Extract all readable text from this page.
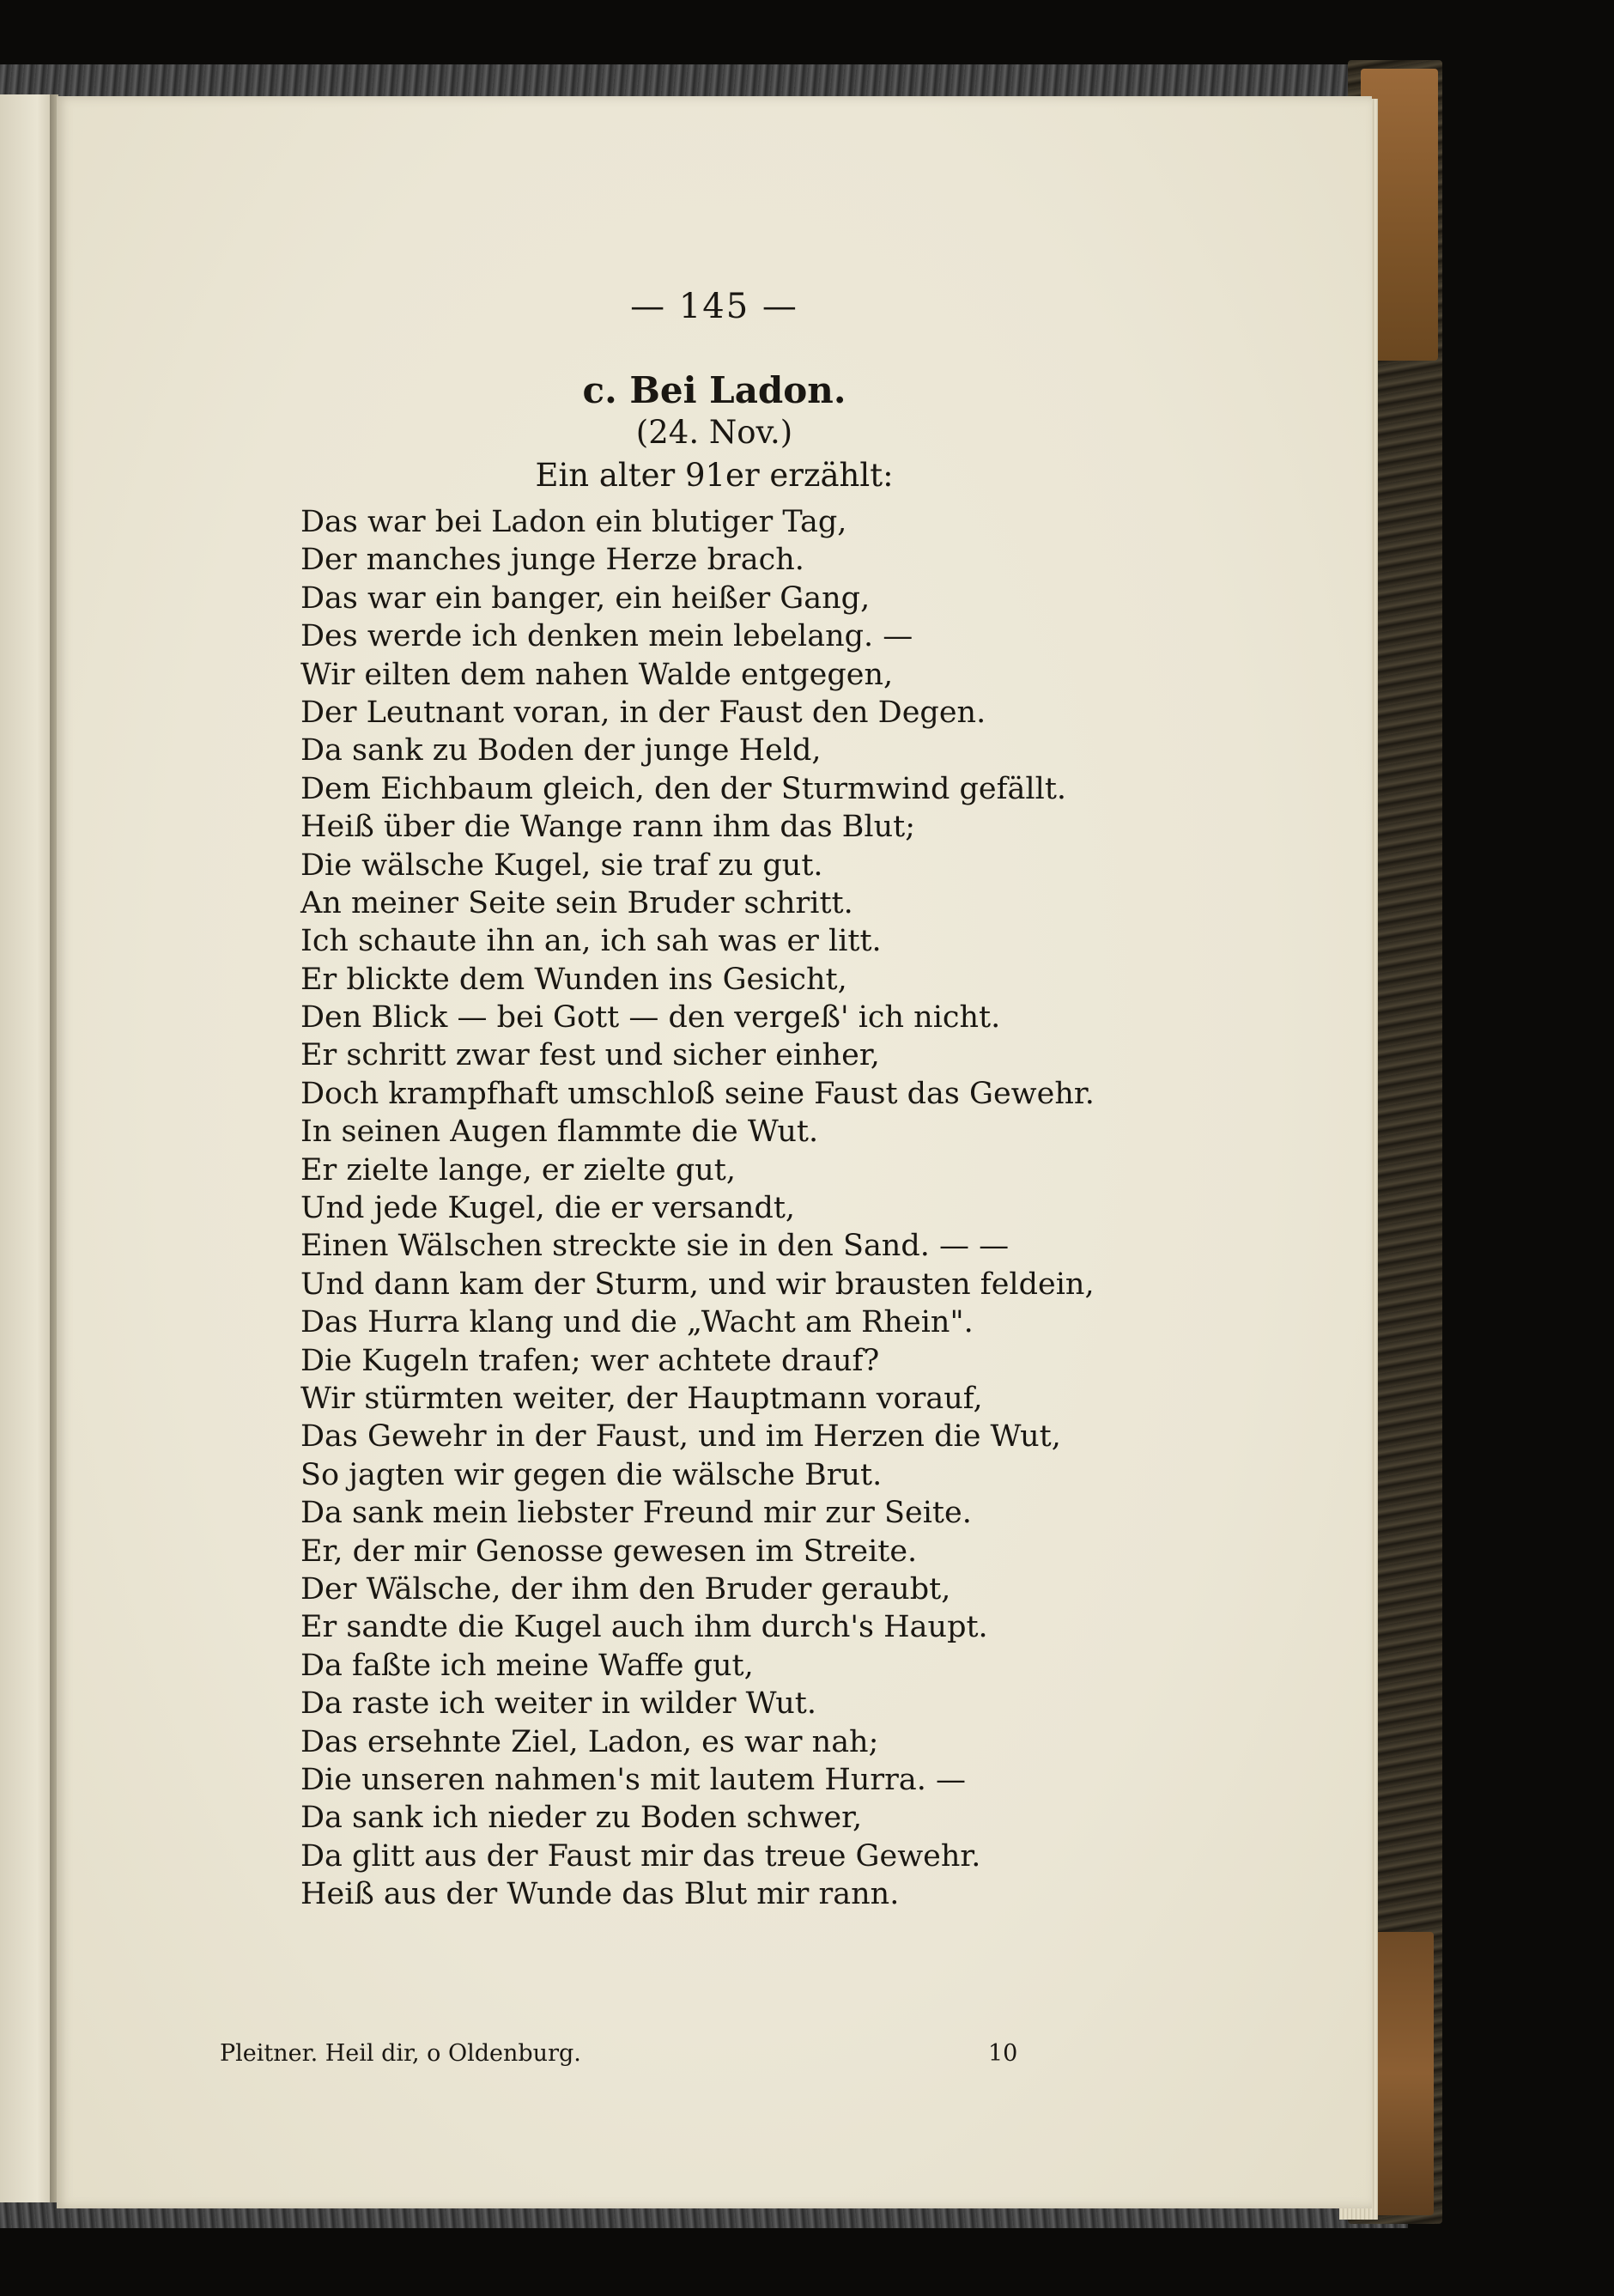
— 145 —
c. Bei Ladon.
(24. Nov.)
Ein alter 91er erzählt:
Das war bei Ladon ein blutiger Tag,
Der manches junge Herze brach.
Das war ein banger, ein heißer Gang,
Des werde ich denken mein lebelang. —
Wir eilten dem nahen Walde entgegen,
Der Leutnant voran, in der Faust den Degen.
Da sank zu Boden der junge Held,
Dem Eichbaum gleich, den der Sturmwind gefällt.
Heiß über die Wange rann ihm das Blut;
Die wälsche Kugel, sie traf zu gut.
An meiner Seite sein Bruder schritt.
Ich schaute ihn an, ich sah was er litt.
Er blickte dem Wunden ins Gesicht,
Den Blick — bei Gott — den vergeß' ich nicht.
Er schritt zwar fest und sicher einher,
Doch krampfhaft umschloß seine Faust das Gewehr.
In seinen Augen flammte die Wut.
Er zielte lange, er zielte gut,
Und jede Kugel, die er versandt,
Einen Wälschen streckte sie in den Sand. — —
Und dann kam der Sturm, und wir brausten feldein,
Das Hurra klang und die „Wacht am Rhein".
Die Kugeln trafen; wer achtete drauf?
Wir stürmten weiter, der Hauptmann vorauf,
Das Gewehr in der Faust, und im Herzen die Wut,
So jagten wir gegen die wälsche Brut.
Da sank mein liebster Freund mir zur Seite.
Er, der mir Genosse gewesen im Streite.
Der Wälsche, der ihm den Bruder geraubt,
Er sandte die Kugel auch ihm durch's Haupt.
Da faßte ich meine Waffe gut,
Da raste ich weiter in wilder Wut.
Das ersehnte Ziel, Ladon, es war nah;
Die unseren nahmen's mit lautem Hurra. —
Da sank ich nieder zu Boden schwer,
Da glitt aus der Faust mir das treue Gewehr.
Heiß aus der Wunde das Blut mir rann.
Pleitner. Heil dir, o Oldenburg.	10
